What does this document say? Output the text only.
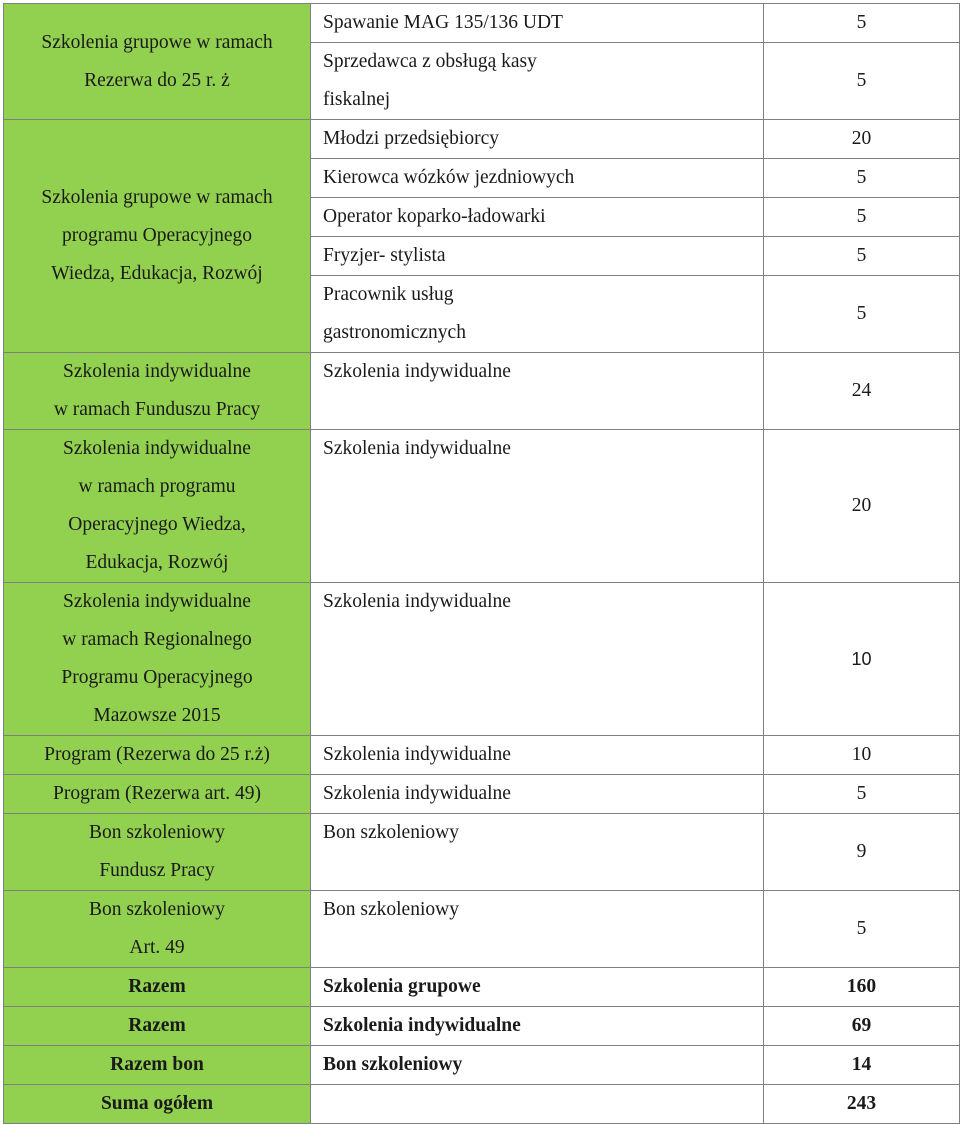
Szkolenia grupowe w ramach
Rezerwa do 25 r. ż	Spawanie MAG 135/136 UDT	5

	Sprzedawca z obsługą kasy
fiskalnej	5

Szkolenia grupowe w ramach
programu Operacyjnego
Wiedza, Edukacja, Rozwój	Młodzi przedsiębiorcy	20

	Kierowca wózków jezdniowych	5

	Operator koparko-ładowarki	5

	Fryzjer- stylista	5

	Pracownik usług
gastronomicznych	5

Szkolenia indywidualne
w ramach Funduszu Pracy	Szkolenia indywidualne	24

Szkolenia indywidualne
w ramach programu
Operacyjnego Wiedza,
Edukacja, Rozwój	Szkolenia indywidualne	20

Szkolenia indywidualne
w ramach Regionalnego
Programu Operacyjnego
Mazowsze 2015	Szkolenia indywidualne	10
Program (Rezerwa do 25 r.ż)	Szkolenia indywidualne	10
Program (Rezerwa art. 49)	Szkolenia indywidualne	5

Bon szkoleniowy
Fundusz Pracy	Bon szkoleniowy	9

Bon szkoleniowy
Art. 49	Bon szkoleniowy	5
Razem	Szkolenia grupowe	160
Razem	Szkolenia indywidualne	69
Razem bon	Bon szkoleniowy	14
Suma ogółem		243
